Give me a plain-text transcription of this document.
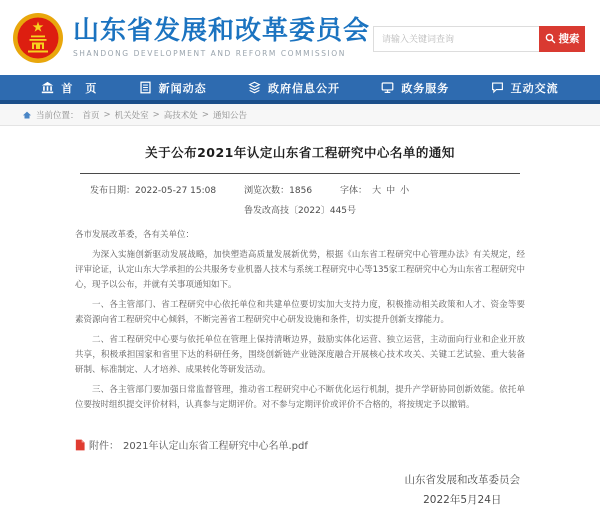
山东省发展和改革委员会
SHANDONG DEVELOPMENT AND REFORM COMMISSION
请输入关键词查询
搜索
首　页	新闻动态	政府信息公开	政务服务	互动交流
当前位置： 首页 > 机关处室 > 高技术处 > 通知公告
关于公布2021年认定山东省工程研究中心名单的通知
发布日期：2022-05-27 15:08	浏览次数：1856	字体： 大 中 小
鲁发改高技〔2022〕445号
各市发展改革委，各有关单位：

为深入实施创新驱动发展战略，加快塑造高质量发展新优势，根据《山东省工程研究中心管理办法》有关规定，经评审论证，认定山东大学承担的公共服务专业机器人技术与系统工程研究中心等135家工程研究中心为山东省工程研究中心，现予以公布，并就有关事项通知如下。

一、各主管部门、省工程研究中心依托单位和共建单位要切实加大支持力度，积极推动相关政策和人才、资金等要素资源向省工程研究中心倾斜，不断完善省工程研究中心研发设施和条件，切实提升创新支撑能力。

二、省工程研究中心要与依托单位在管理上保持清晰边界，鼓励实体化运营、独立运营，主动面向行业和企业开放共享，积极承担国家和省里下达的科研任务，围绕创新链产业链深度融合开展核心技术攻关、关键工艺试验、重大装备研制、标准制定、人才培养、成果转化等研发活动。

三、各主管部门要加强日常监督管理，推动省工程研究中心不断优化运行机制，提升产学研协同创新效能。依托单位要按时组织提交评价材料，认真参与定期评价。对不参与定期评价或评价不合格的，将按规定予以撤销。

附件： 2021年认定山东省工程研究中心名单.pdf
山东省发展和改革委员会
2022年5月24日
